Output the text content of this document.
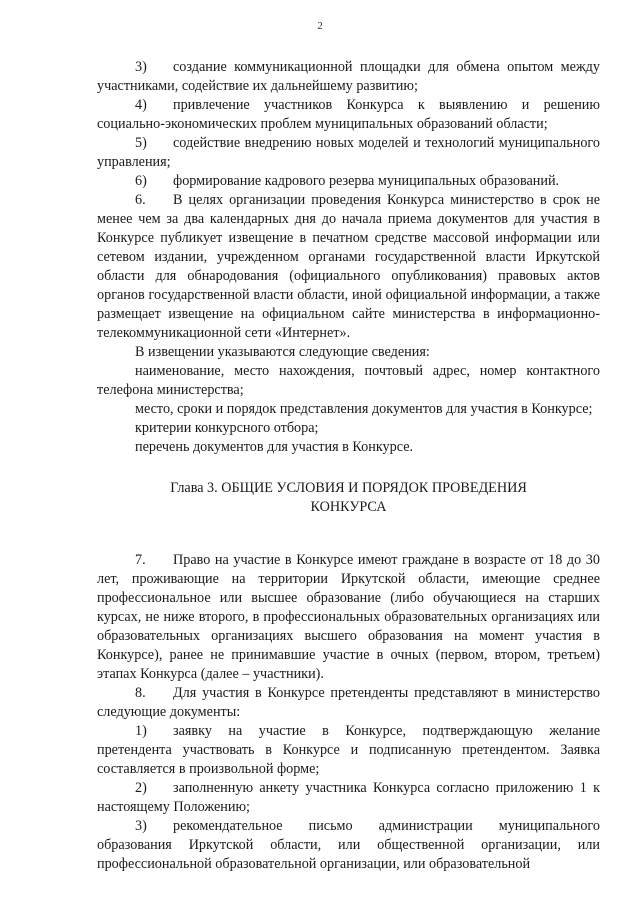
2

3) создание коммуникационной площадки для обмена опытом между участниками, содействие их дальнейшему развитию;

4) привлечение участников Конкурса к выявлению и решению социально-экономических проблем муниципальных образований области;

5) содействие внедрению новых моделей и технологий муниципального управления;

6) формирование кадрового резерва муниципальных образований.

6. В целях организации проведения Конкурса министерство в срок не менее чем за два календарных дня до начала приема документов для участия в Конкурсе публикует извещение в печатном средстве массовой информации или сетевом издании, учрежденном органами государственной власти Иркутской области для обнародования (официального опубликования) правовых актов органов государственной власти области, иной официальной информации, а также размещает извещение на официальном сайте министерства в информационно-телекоммуникационной сети «Интернет».

В извещении указываются следующие сведения:

наименование, место нахождения, почтовый адрес, номер контактного телефона министерства;

место, сроки и порядок представления документов для участия в Конкурсе;

критерии конкурсного отбора;

перечень документов для участия в Конкурсе.

Глава 3. ОБЩИЕ УСЛОВИЯ И ПОРЯДОК ПРОВЕДЕНИЯ
КОНКУРСА

7. Право на участие в Конкурсе имеют граждане в возрасте от 18 до 30 лет, проживающие на территории Иркутской области, имеющие среднее профессиональное или высшее образование (либо обучающиеся на старших курсах, не ниже второго, в профессиональных образовательных организациях или образовательных организациях высшего образования на момент участия в Конкурсе), ранее не принимавшие участие в очных (первом, втором, третьем) этапах Конкурса (далее – участники).

8. Для участия в Конкурсе претенденты представляют в министерство следующие документы:

1) заявку на участие в Конкурсе, подтверждающую желание претендента участвовать в Конкурсе и подписанную претендентом. Заявка составляется в произвольной форме;

2) заполненную анкету участника Конкурса согласно приложению 1 к настоящему Положению;

3) рекомендательное письмо администрации муниципального образования Иркутской области, или общественной организации, или профессиональной образовательной организации, или образовательной
